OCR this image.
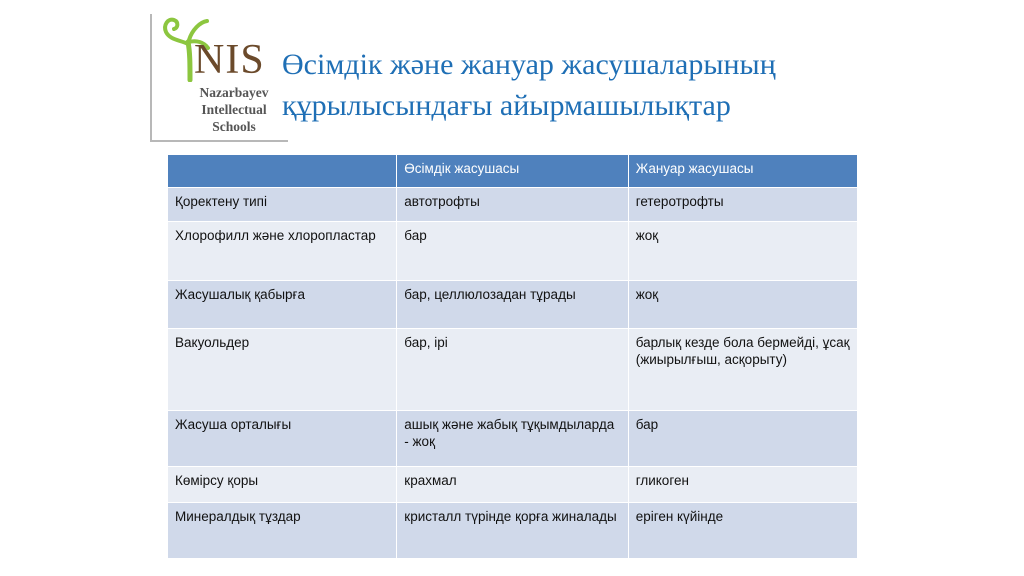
NIS
Nazarbayev
Intellectual
Schools
Өсімдік және жануар жасушаларының
құрылысындағы айырмашылықтар
	Өсімдік жасушасы	Жануар жасушасы
Қоректену типі	автотрофты	гетеротрофты
Хлорофилл және хлоропластар	бар	жоқ
Жасушалық қабырға	бар, целлюлозадан тұрады	жоқ
Вакуольдер	бар, ірі	барлық кезде бола бермейді, ұсақ (жиырылғыш, асқорыту)
Жасуша орталығы	ашық және жабық тұқымдыларда - жоқ	бар
Көмірсу қоры	крахмал	гликоген
Минералдық тұздар	кристалл түрінде қорға жиналады	еріген күйінде
